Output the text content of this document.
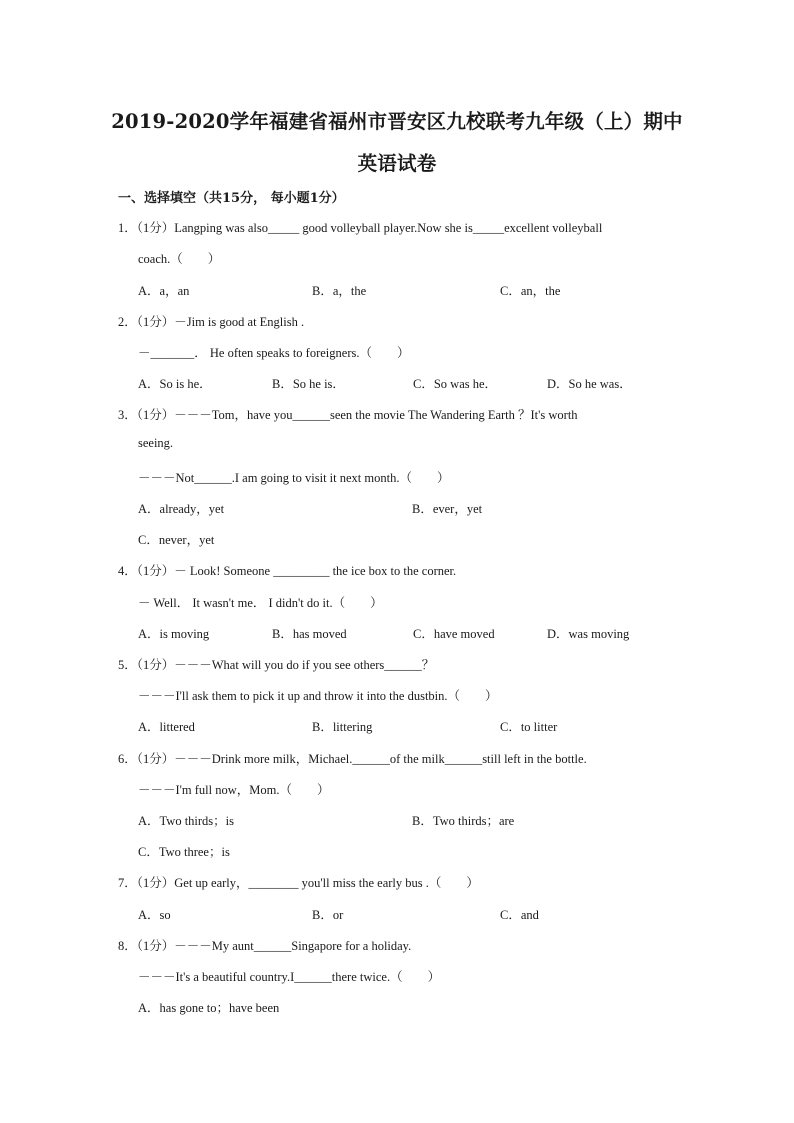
2019-2020学年福建省福州市晋安区九校联考九年级（上）期中
英语试卷
一、选择填空（共15分， 每小题1分）
1．（1分）Langping was also_____ good volleyball player.Now she is_____excellent volleyball
coach.（　　）
A．a，an	B．a，the	C．an，the
2．（1分）－Jim is good at English .
－_______． He often speaks to foreigners.（　　）
A．So is he．	B．So he is．	C．So was he．	D．So he was．
3．（1分）－－－Tom，have you______seen the movie The Wandering Earth ？It's worth
seeing.
－－－Not______.I am going to visit it next month.（　　）
A．already，yet	B．ever，yet
C．never，yet
4．（1分）－ Look! Someone _________ the ice box to the corner.
－ Well． It wasn't me． I didn't do it.（　　）
A．is moving	B．has moved	C．have moved	D．was moving
5．（1分）－－－What will you do if you see others______？
－－－I'll ask them to pick it up and throw it into the dustbin.（　　）
A．littered	B．littering	C．to litter
6．（1分）－－－Drink more milk，Michael.______of the milk______still left in the bottle.
－－－I'm full now，Mom.（　　）
A．Two thirds；is	B．Two thirds；are
C．Two three；is
7．（1分）Get up early，________ you'll miss the early bus .（　　）
A．so	B．or	C．and
8．（1分）－－－My aunt______Singapore for a holiday.
－－－It's a beautiful country.I______there twice.（　　）
A．has gone to；have been
